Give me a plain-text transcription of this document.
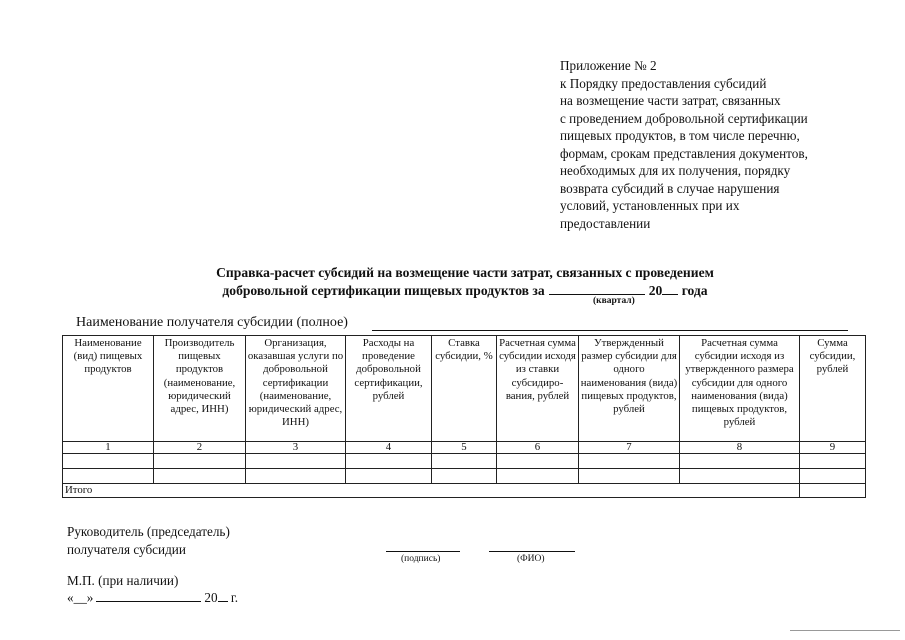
Приложение № 2
к Порядку предоставления субсидий
на возмещение части затрат, связанных
с проведением добровольной сертификации
пищевых продуктов, в том числе перечню,
формам, срокам представления документов,
необходимых для их получения, порядку
возврата субсидий в случае нарушения
условий, установленных при их
предоставлении
Справка-расчет субсидий на возмещение части затрат, связанных с проведением
добровольной сертификации пищевых продуктов за	20 года
(квартал)
Наименование получателя субсидии (полное)
Наименование (вид) пищевых продуктов	Производитель пищевых продуктов (наименование, юридический адрес, ИНН)	Организация, оказавшая услуги по добровольной сертификации (наименование, юридический адрес, ИНН)	Расходы на проведение добровольной сертификации, рублей	Ставка субсидии, %	Расчетная сумма субсидии исходя из ставки субсидиро-вания, рублей	Утвержденный размер субсидии для одного наименования (вида) пищевых продуктов, рублей	Расчетная сумма субсидии исходя из утвержденного размера субсидии для одного наименования (вида) пищевых продуктов, рублей	Сумма субсидии, рублей

1	2	3	4	5	6	7	8	9

Итого								
Руководитель (председатель)
получателя субсидии
(подпись)	(ФИО)
М.П. (при наличии)
«__»	20 г.
